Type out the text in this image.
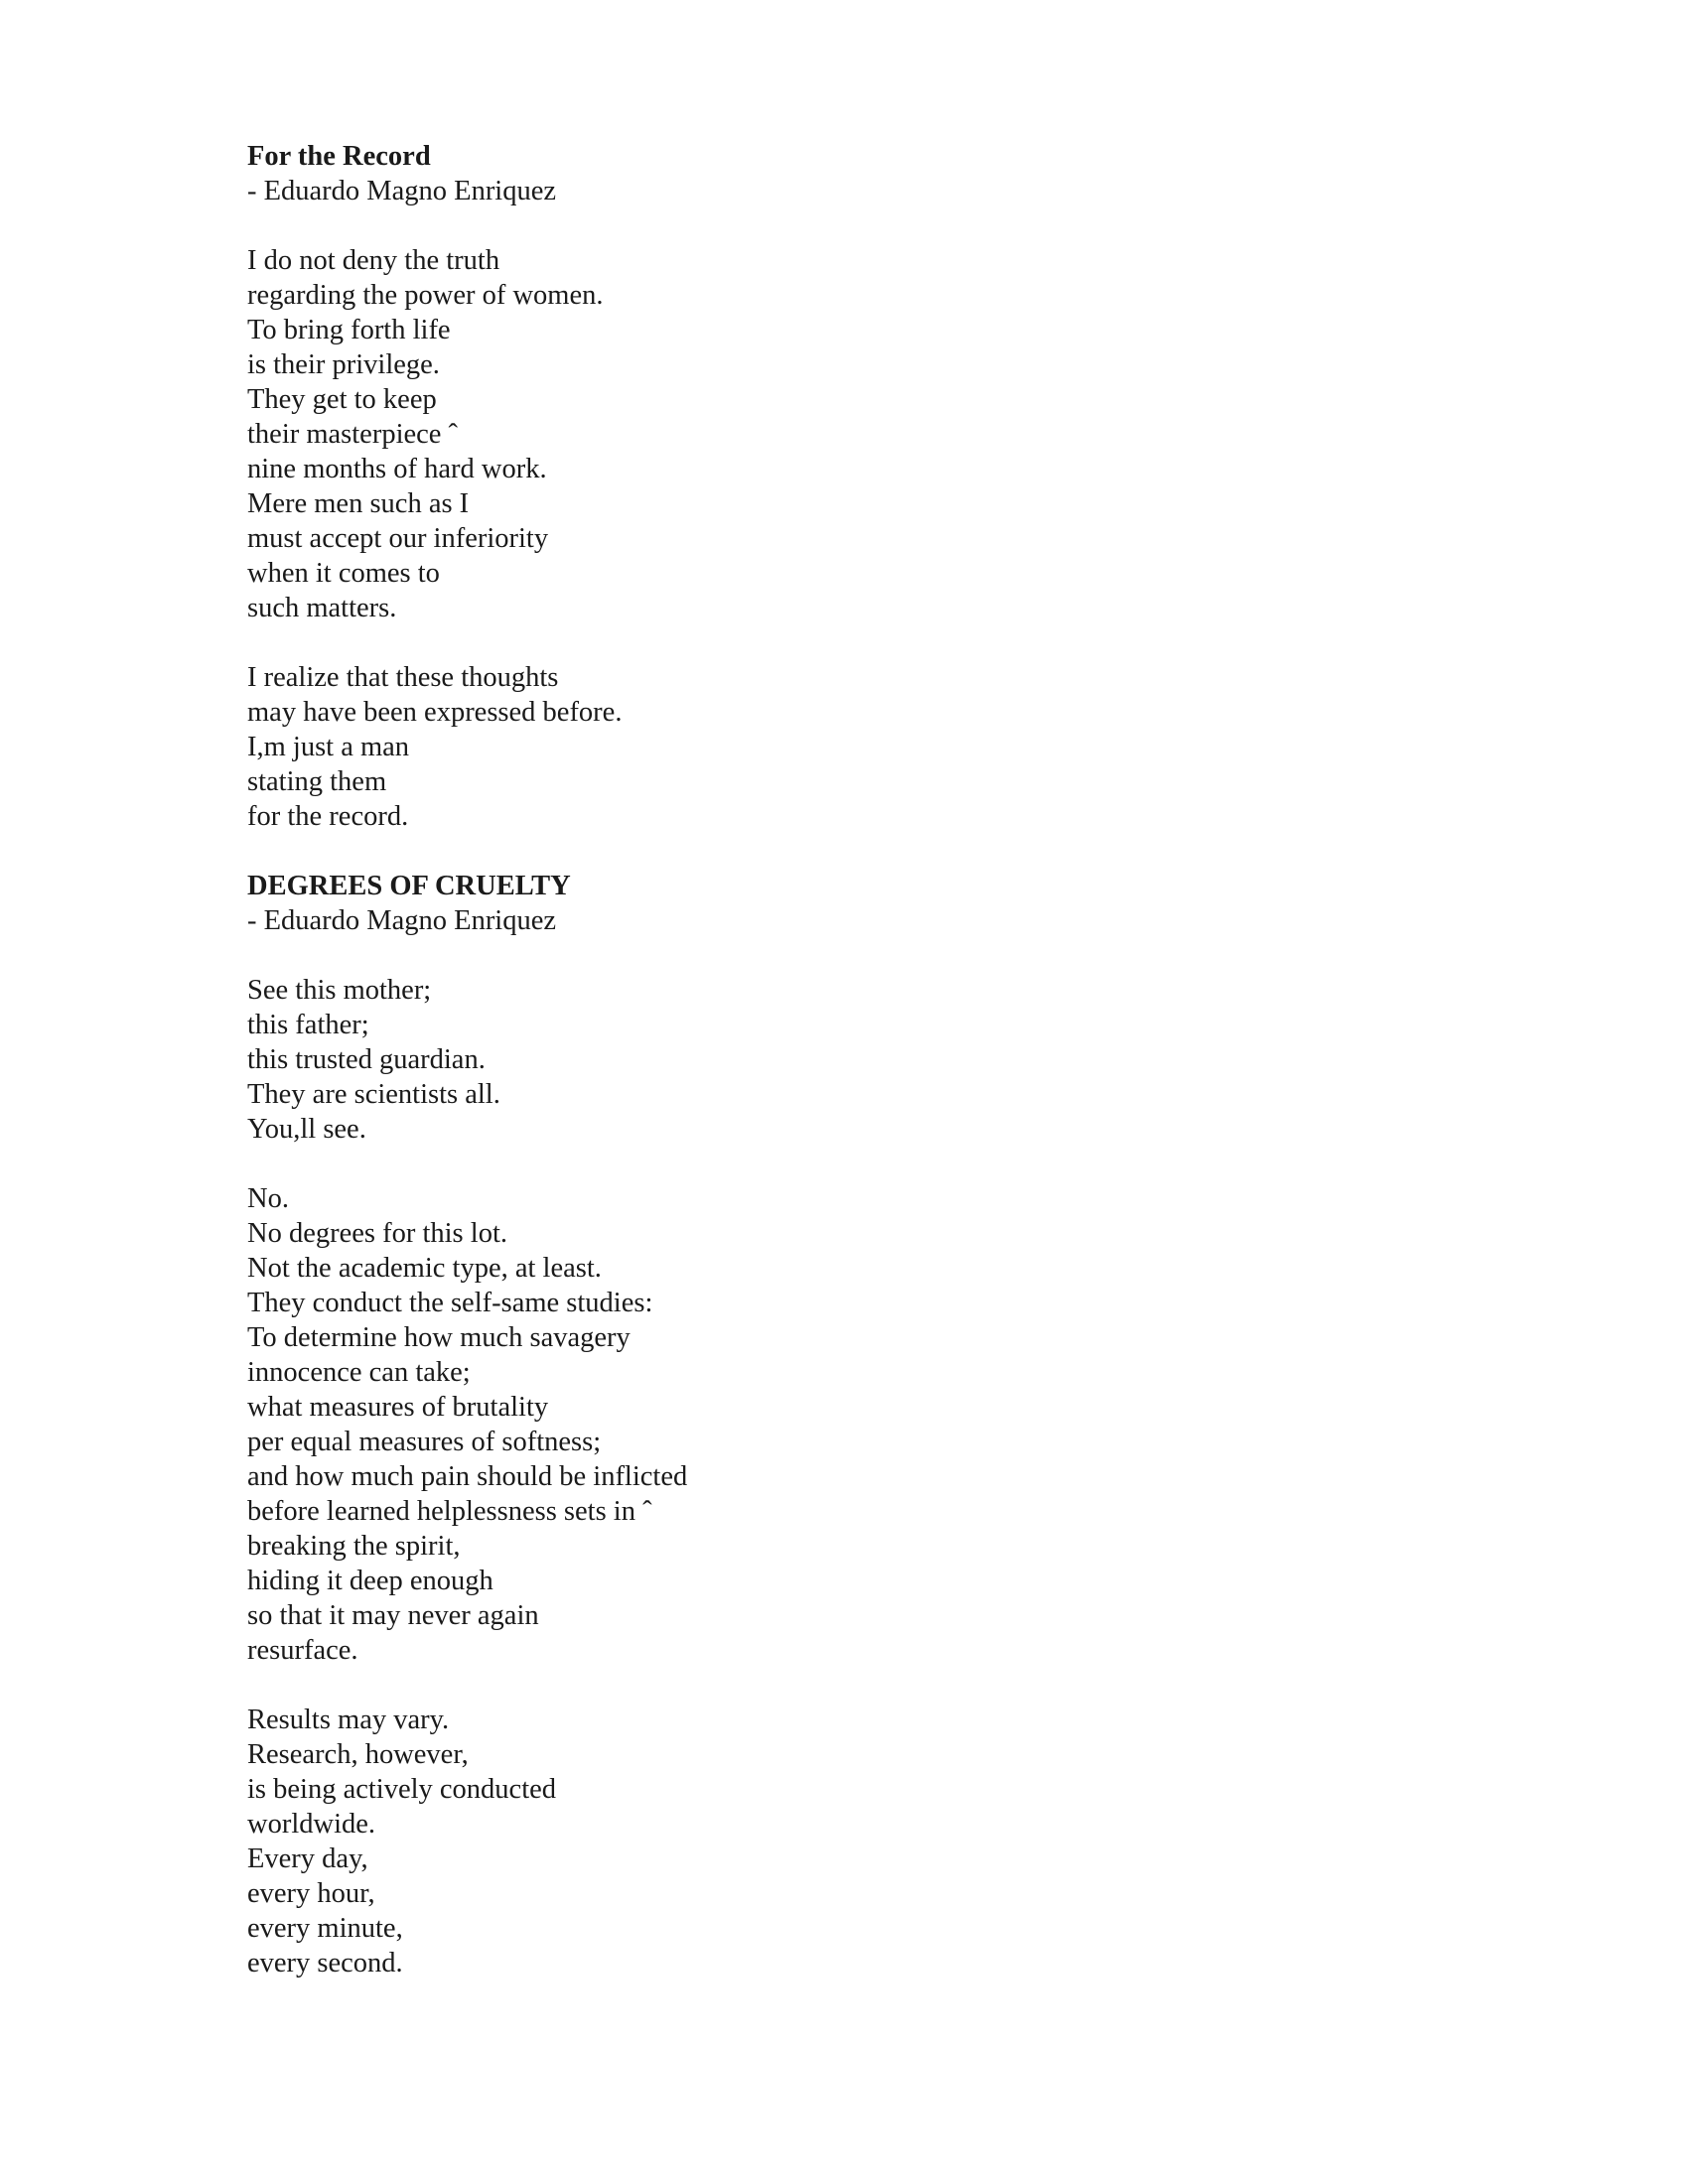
For the Record
- Eduardo Magno Enriquez
I do not deny the truth
regarding the power of women.
To bring forth life
is their privilege.
They get to keep
their masterpiece ˆ
nine months of hard work.
Mere men such as I
must accept our inferiority
when it comes to
such matters.
I realize that these thoughts
may have been expressed before.
I,m just a man
stating them
for the record.
DEGREES OF CRUELTY
- Eduardo Magno Enriquez
See this mother;
this father;
this trusted guardian.
They are scientists all.
You,ll see.
No.
No degrees for this lot.
Not the academic type, at least.
They conduct the self-same studies:
To determine how much savagery
innocence can take;
what measures of brutality
per equal measures of softness;
and how much pain should be inflicted
before learned helplessness sets in ˆ
breaking the spirit,
hiding it deep enough
so that it may never again
resurface.
Results may vary.
Research, however,
is being actively conducted
worldwide.
Every day,
every hour,
every minute,
every second.
